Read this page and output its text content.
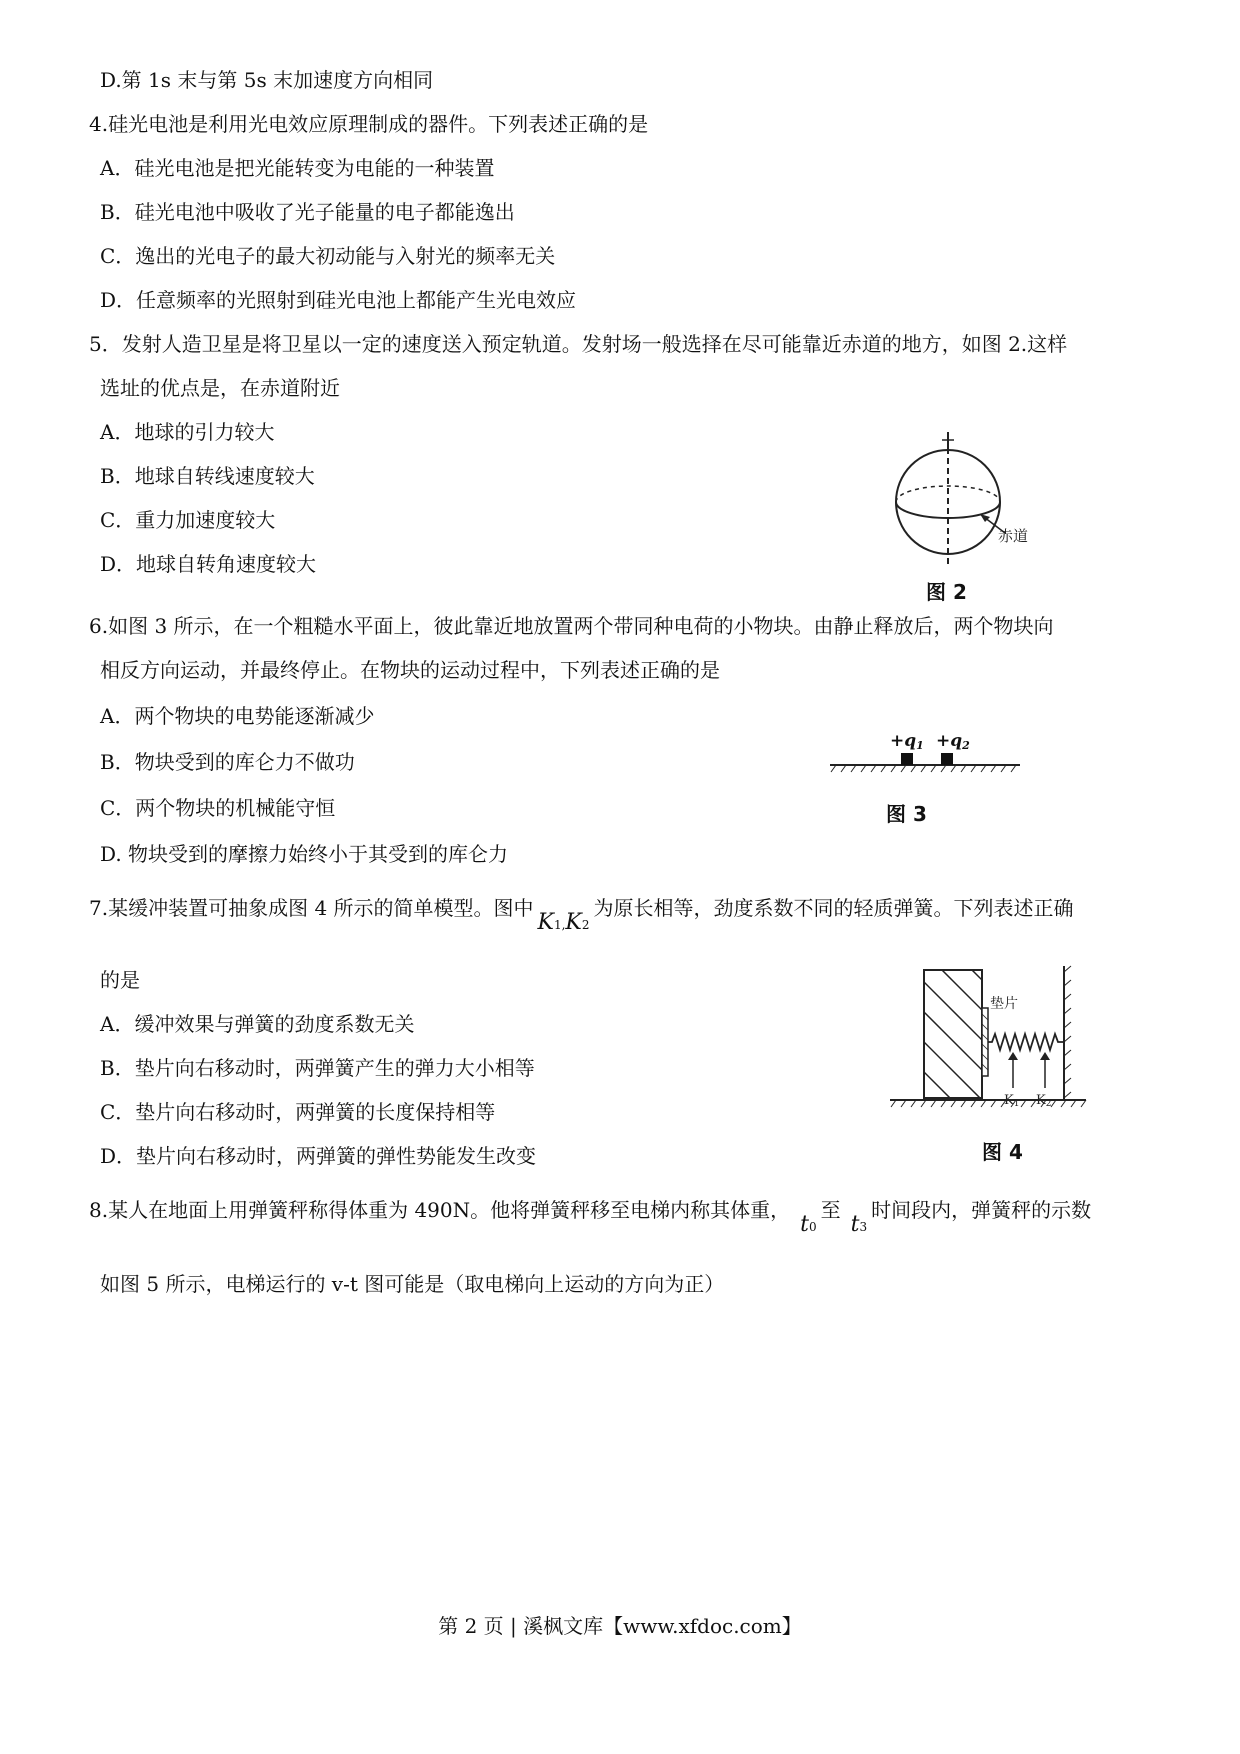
D.第 1s 末与第 5s 末加速度方向相同
4.硅光电池是利用光电效应原理制成的器件。下列表述正确的是
A．硅光电池是把光能转变为电能的一种装置
B．硅光电池中吸收了光子能量的电子都能逸出
C．逸出的光电子的最大初动能与入射光的频率无关
D．任意频率的光照射到硅光电池上都能产生光电效应
5．发射人造卫星是将卫星以一定的速度送入预定轨道。发射场一般选择在尽可能靠近赤道的地方，如图 2.这样
选址的优点是，在赤道附近
A．地球的引力较大
B．地球自转线速度较大
C．重力加速度较大
D．地球自转角速度较大
赤道
图 2
6.如图 3 所示，在一个粗糙水平面上，彼此靠近地放置两个带同种电荷的小物块。由静止释放后，两个物块向
相反方向运动，并最终停止。在物块的运动过程中，下列表述正确的是
A．两个物块的电势能逐渐减少
B．物块受到的库仑力不做功
C．两个物块的机械能守恒
D. 物块受到的摩擦力始终小于其受到的库仑力
+q1 +q2
图 3
7.某缓冲装置可抽象成图 4 所示的简单模型。图中K1,K2为原长相等，劲度系数不同的轻质弹簧。下列表述正确
的是
A．缓冲效果与弹簧的劲度系数无关
B．垫片向右移动时，两弹簧产生的弹力大小相等
C．垫片向右移动时，两弹簧的长度保持相等
D．垫片向右移动时，两弹簧的弹性势能发生改变
垫片
K1 K2
图 4
8.某人在地面上用弹簧秤称得体重为 490N。他将弹簧秤移至电梯内称其体重，t0至t3时间段内，弹簧秤的示数
如图 5 所示，电梯运行的 v-t 图可能是（取电梯向上运动的方向为正）
第 2 页 | 溪枫文库【www.xfdoc.com】
